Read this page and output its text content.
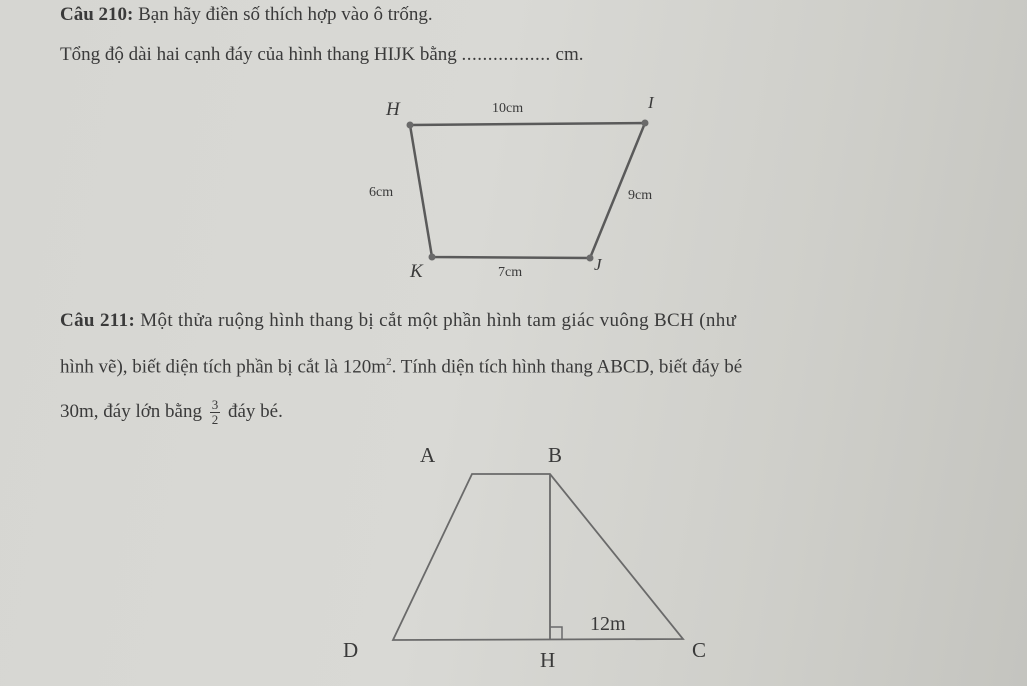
Câu 210: Bạn hãy điền số thích hợp vào ô trống.
Tổng độ dài hai cạnh đáy của hình thang HIJK bằng ................. cm.
H	I
J
K
10cm
7cm
6cm	9cm
A	B
C
D	H
12m
Câu 211: Một thửa ruộng hình thang bị cắt một phần hình tam giác vuông BCH (như
hình vẽ), biết diện tích phần bị cắt là $120m^2$. Tính diện tích hình thang ABCD, biết đáy bé
30m, đáy lớn bằng $\frac{3}{2}$ đáy bé.
